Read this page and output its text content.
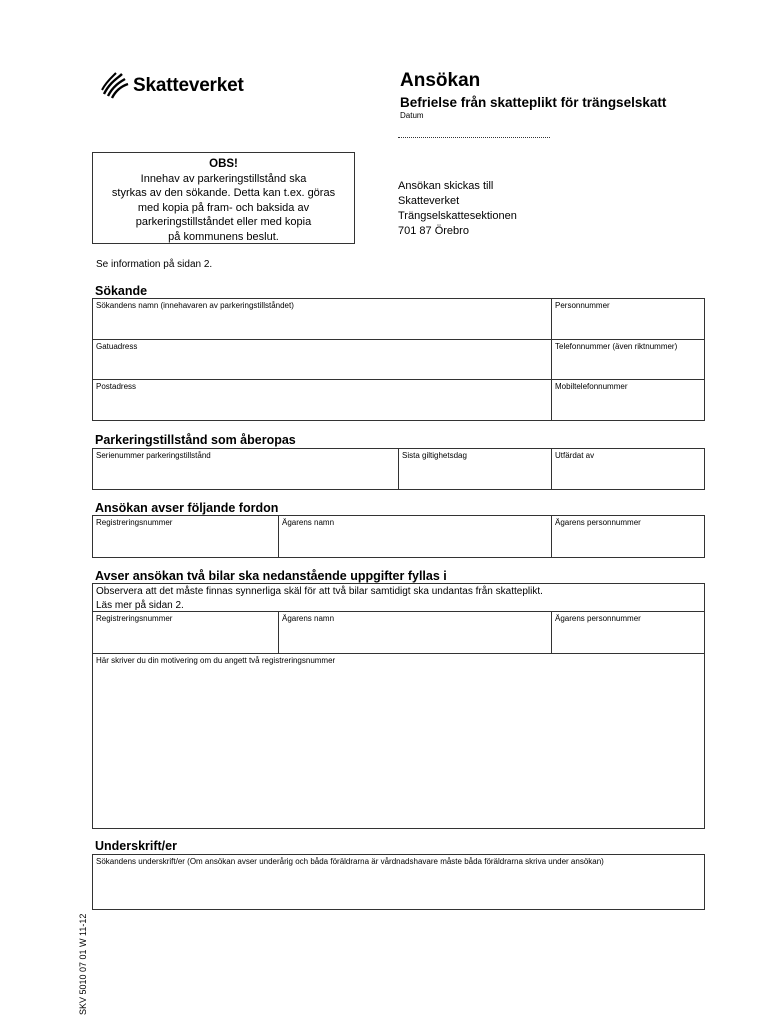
Skatteverket	Ansökan
Befrielse från skatteplikt för trängselskatt
Datum
OBS!
Innehav av parkeringstillstånd ska
styrkas av den sökande. Detta kan t.ex. göras
med kopia på fram- och baksida av
parkeringstillståndet eller med kopia
på kommunens beslut.
Ansökan skickas till
Skatteverket
Trängselskattesektionen
701 87 Örebro
Se information på sidan 2.
Sökande
Sökandens namn (innehavaren av parkeringstillståndet)	Personnummer
Gatuadress	Telefonnummer (även riktnummer)
Postadress	Mobiltelefonnummer
Parkeringstillstånd som åberopas
Serienummer parkeringstillstånd	Sista giltighetsdag	Utfärdat av
Ansökan avser följande fordon
Registreringsnummer	Ägarens namn	Ägarens personnummer
Avser ansökan två bilar ska nedanstående uppgifter fyllas i
Observera att det måste finnas synnerliga skäl för att två bilar samtidigt ska undantas från skatteplikt.
Läs mer på sidan 2.
Registreringsnummer	Ägarens namn	Ägarens personnummer
Här skriver du din motivering om du angett två registreringsnummer
Underskrift/er
Sökandens underskrift/er (Om ansökan avser underårig och båda föräldrarna är vårdnadshavare måste båda föräldrarna skriva under ansökan)
SKV 5010 07 01 W 11-12
